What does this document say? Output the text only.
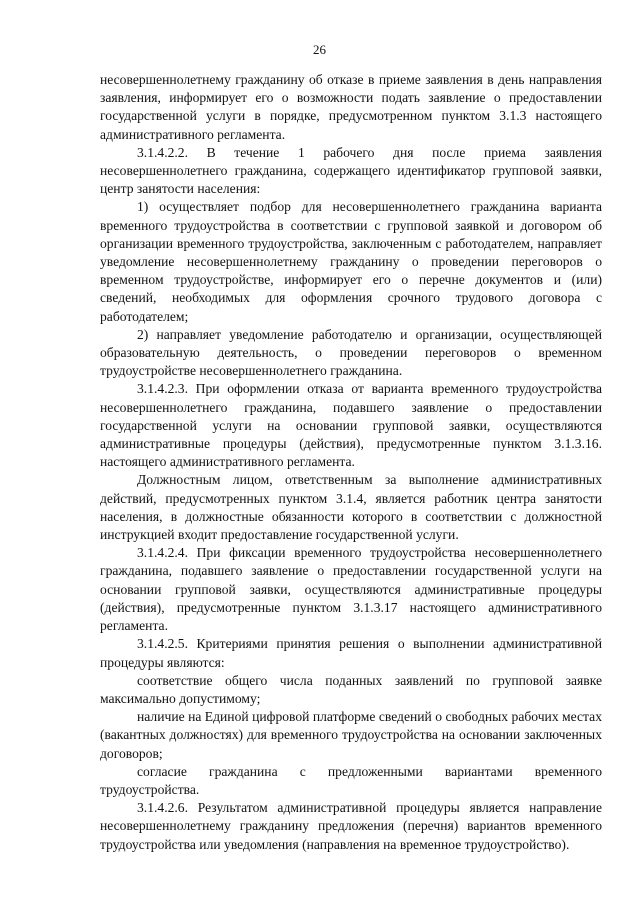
26

несовершеннолетнему гражданину об отказе в приеме заявления в день направления заявления, информирует его о возможности подать заявление о предоставлении государственной услуги в порядке, предусмотренном пунктом 3.1.3 настоящего административного регламента.

3.1.4.2.2. В течение 1 рабочего дня после приема заявления несовершеннолетнего гражданина, содержащего идентификатор групповой заявки, центр занятости населения:

1) осуществляет подбор для несовершеннолетнего гражданина варианта временного трудоустройства в соответствии с групповой заявкой и договором об организации временного трудоустройства, заключенным с работодателем, направляет уведомление несовершеннолетнему гражданину о проведении переговоров о временном трудоустройстве, информирует его о перечне документов и (или) сведений, необходимых для оформления срочного трудового договора с работодателем;

2) направляет уведомление работодателю и организации, осуществляющей образовательную деятельность, о проведении переговоров о временном трудоустройстве несовершеннолетнего гражданина.

3.1.4.2.3. При оформлении отказа от варианта временного трудоустройства несовершеннолетнего гражданина, подавшего заявление о предоставлении государственной услуги на основании групповой заявки, осуществляются административные процедуры (действия), предусмотренные пунктом 3.1.3.16. настоящего административного регламента.

Должностным лицом, ответственным за выполнение административных действий, предусмотренных пунктом 3.1.4, является работник центра занятости населения, в должностные обязанности которого в соответствии с должностной инструкцией входит предоставление государственной услуги.

3.1.4.2.4. При фиксации временного трудоустройства несовершеннолетнего гражданина, подавшего заявление о предоставлении государственной услуги на основании групповой заявки, осуществляются административные процедуры (действия), предусмотренные пунктом 3.1.3.17 настоящего административного регламента.

3.1.4.2.5. Критериями принятия решения о выполнении административной процедуры являются:

соответствие общего числа поданных заявлений по групповой заявке максимально допустимому;

наличие на Единой цифровой платформе сведений о свободных рабочих местах (вакантных должностях) для временного трудоустройства на основании заключенных договоров;

согласие гражданина с предложенными вариантами временного трудоустройства.

3.1.4.2.6. Результатом административной процедуры является направление несовершеннолетнему гражданину предложения (перечня) вариантов временного трудоустройства или уведомления (направления на временное трудоустройство).
